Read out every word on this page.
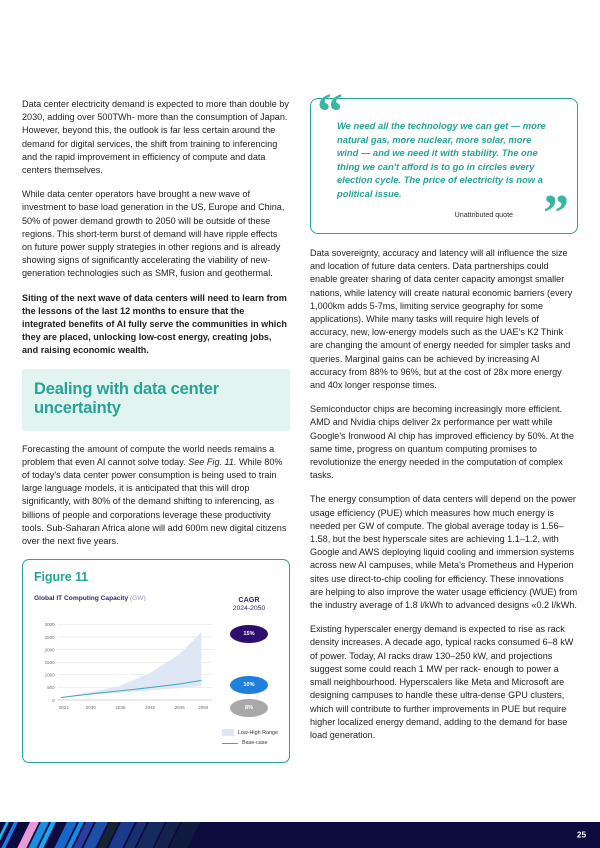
Data center electricity demand is expected to more than double by 2030, adding over 500TWh- more than the consumption of Japan. However, beyond this, the outlook is far less certain around the demand for digital services, the shift from training to inferencing and the rapid improvement in efficiency of compute and data centers themselves.

While data center operators have brought a new wave of investment to base load generation in the US, Europe and China, 50% of power demand growth to 2050 will be outside of these regions. This short-term burst of demand will have ripple effects on future power supply strategies in other regions and is already showing signs of significantly accelerating the viability of new-generation technologies such as SMR, fusion and geothermal.

Siting of the next wave of data centers will need to learn from the lessons of the last 12 months to ensure that the integrated benefits of AI fully serve the communities in which they are placed, unlocking low-cost energy, creating jobs, and raising economic wealth.

Dealing with data center uncertainty

Forecasting the amount of compute the world needs remains a problem that even AI cannot solve today. See Fig. 11. While 80% of today's data center power consumption is being used to train large language models, it is anticipated that this will drop significantly, with 80% of the demand shifting to inferencing, as billions of people and corporations leverage these productivity tools. Sub-Saharan Africa alone will add 600m new digital citizens over the next five years.

Figure 11
Global IT Computing Capacity (GW)
0
500
1000
1500
2000
2500
3000
2024	2030	2035	2040	2045	2050
CAGR
2024-2050
15%
10%
8%
Low-High Range
Base-case
“
We need all the technology we can get — more natural gas, more nuclear, more solar, more wind — and we need it with stability. The one thing we can't afford is to go in circles every election cycle. The price of electricity is now a political issue.
Unattributed quote ”

Data sovereignty, accuracy and latency will all influence the size and location of future data centers. Data partnerships could enable greater sharing of data center capacity amongst smaller nations, while latency will create natural economic barriers (every 1,000km adds 5-7ms, limiting service geography for some applications). While many tasks will require high levels of accuracy, new, low-energy models such as the UAE's K2 Think are changing the amount of energy needed for simpler tasks and queries. Marginal gains can be achieved by increasing AI accuracy from 88% to 96%, but at the cost of 28x more energy and 40x longer response times.

Semiconductor chips are becoming increasingly more efficient. AMD and Nvidia chips deliver 2x performance per watt while Google's Ironwood AI chip has improved efficiency by 50%. At the same time, progress on quantum computing promises to revolutionize the energy needed in the computation of complex tasks.

The energy consumption of data centers will depend on the power usage efficiency (PUE) which measures how much energy is needed per GW of compute. The global average today is 1.56–1.58, but the best hyperscale sites are achieving 1.1–1.2, with Google and AWS deploying liquid cooling and immersion systems across new AI campuses, while Meta's Prometheus and Hyperion sites use direct-to-chip cooling for efficiency. These innovations are helping to also improve the water usage efficiency (WUE) from the industry average of 1.8 l/kWh to advanced designs «0.2 l/kWh.

Existing hyperscaler energy demand is expected to rise as rack density increases. A decade ago, typical racks consumed 6–8 kW of power. Today, AI racks draw 130–250 kW, and projections suggest some could reach 1 MW per rack- enough to power a small neighbourhood. Hyperscalers like Meta and Microsoft are designing campuses to handle these ultra-dense GPU clusters, which will contribute to further improvements in PUE but require higher localized energy demand, adding to the demand for base load generation.

25
